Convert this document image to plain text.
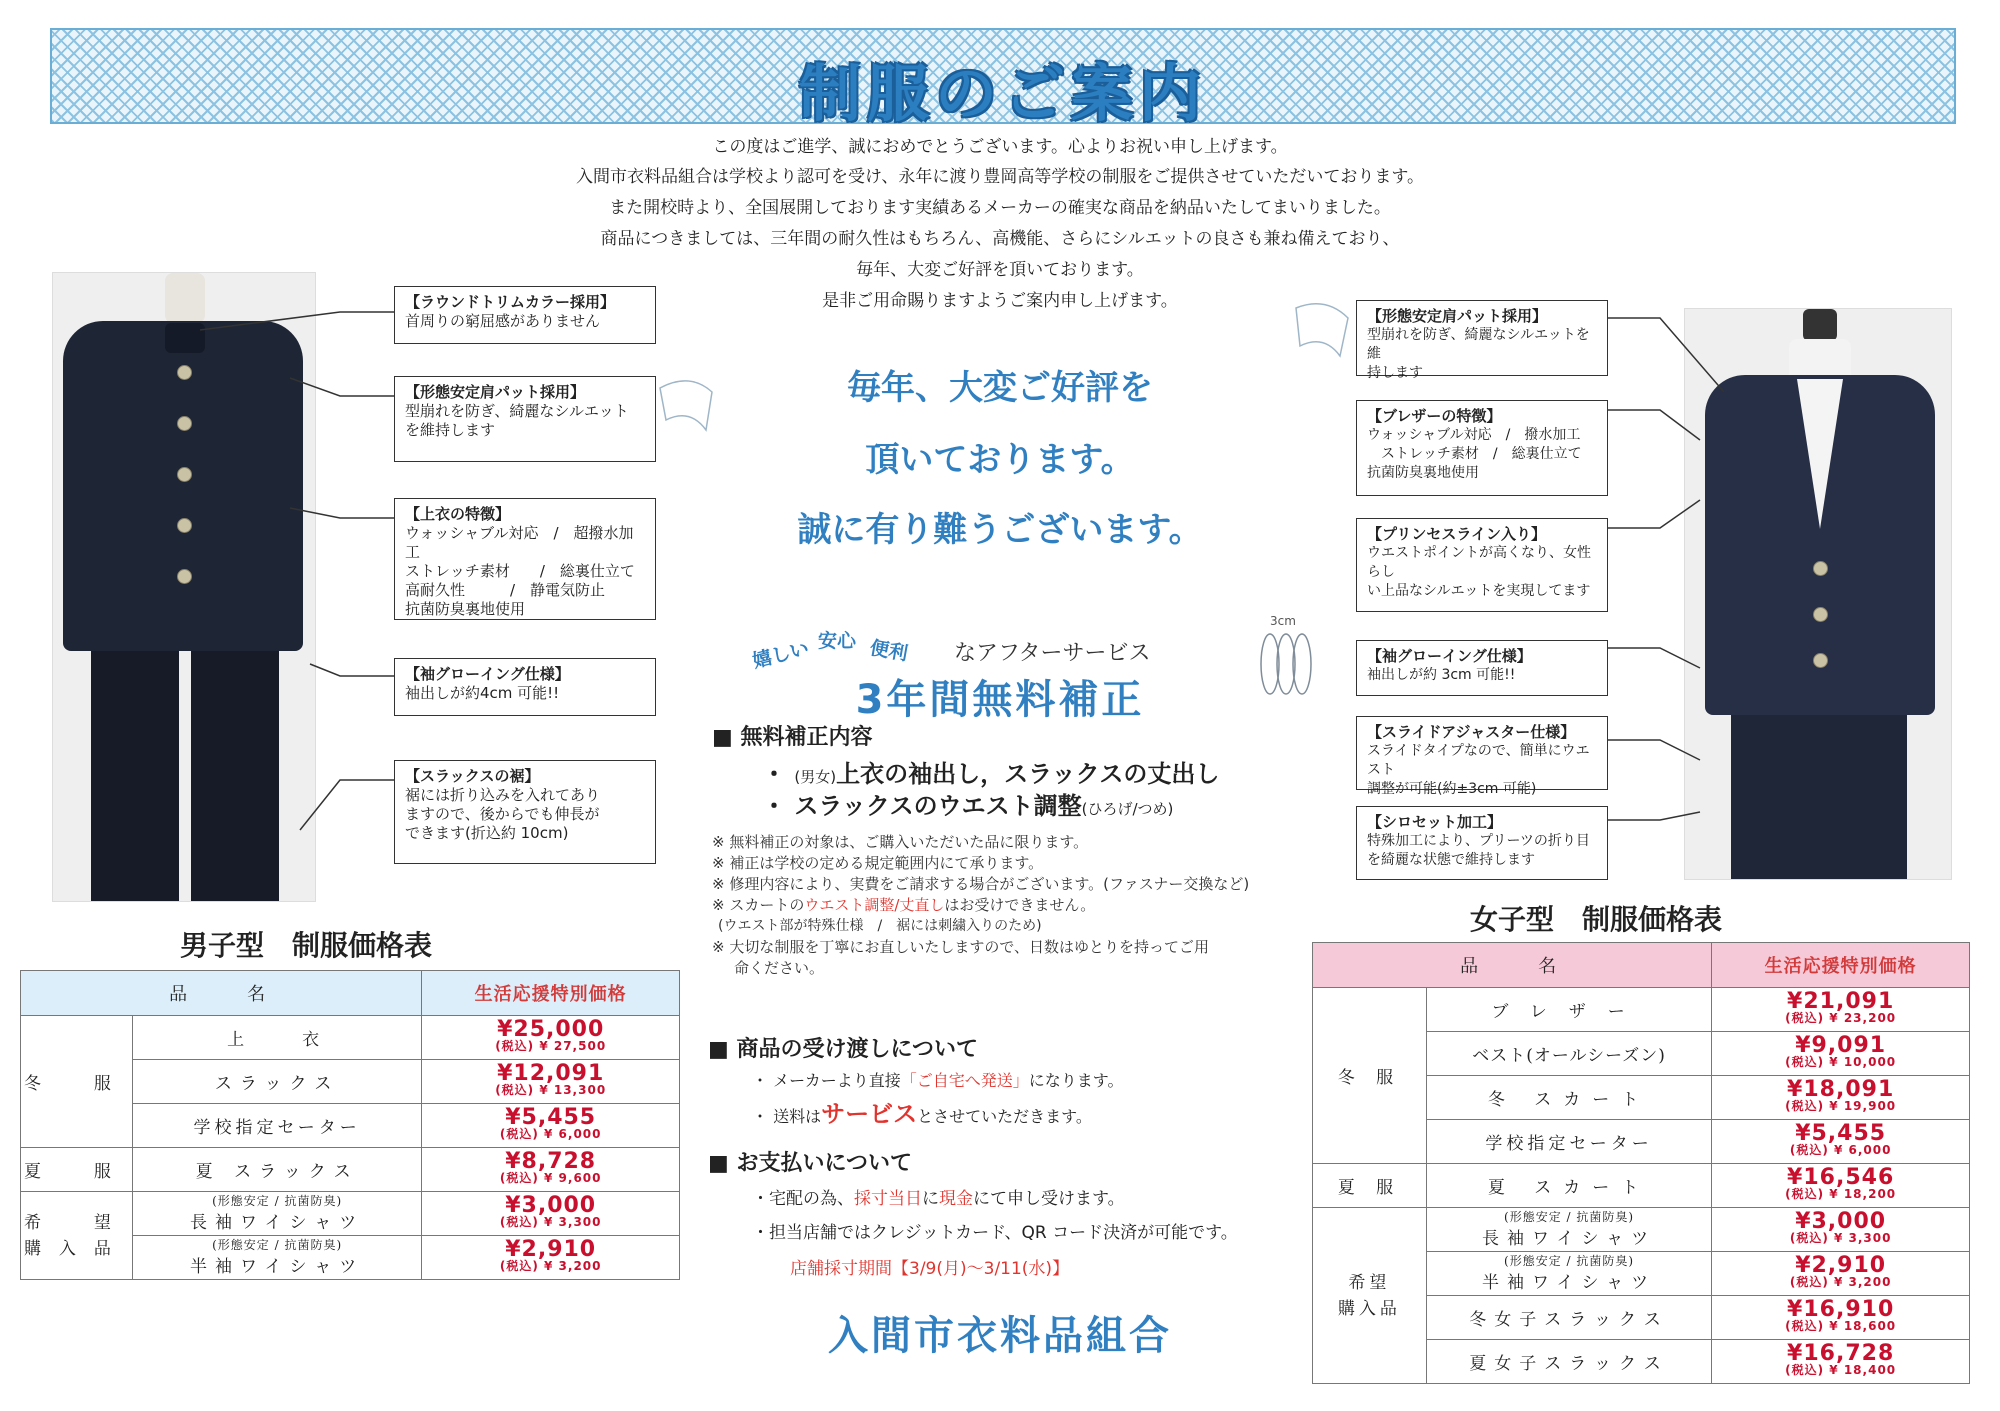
制服のご案内
この度はご進学、誠におめでとうございます。心よりお祝い申し上げます。
入間市衣料品組合は学校より認可を受け、永年に渡り豊岡高等学校の制服をご提供させていただいております。
また開校時より、全国展開しております実績あるメーカーの確実な商品を納品いたしてまいりました。
商品につきましては、三年間の耐久性はもちろん、高機能、さらにシルエットの良さも兼ね備えており、
毎年、大変ご好評を頂いております。
是非ご用命賜りますようご案内申し上げます。
【ラウンドトリムカラー採用】
首周りの窮屈感がありません
【形態安定肩パット採用】
型崩れを防ぎ、綺麗なシルエット
を維持します
【上衣の特徴】
ウォッシャブル対応　/　超撥水加工
ストレッチ素材　　/　総裏仕立て
高耐久性　　　/　静電気防止
抗菌防臭裏地使用
【袖グローイング仕様】
袖出しが約4cm 可能!!
【スラックスの裾】
裾には折り込みを入れてあり
ますので、後からでも伸長が
できます(折込約 10cm)
3cm
【形態安定肩パット採用】
型崩れを防ぎ、綺麗なシルエットを維
持します
【ブレザーの特徴】
ウォッシャブル対応　/　撥水加工
　ストレッチ素材　/　総裏仕立て
抗菌防臭裏地使用
【プリンセスライン入り】
ウエストポイントが高くなり、女性らし
い上品なシルエットを実現してます
【袖グローイング仕様】
袖出しが約 3cm 可能!!
【スライドアジャスター仕様】
スライドタイプなので、簡単にウエスト
調整が可能(約±3cm 可能)
【シロセット加工】
特殊加工により、プリーツの折り目
を綺麗な状態で維持します
毎年、大変ご好評を
頂いております。
誠に有り難うございます。
嬉しい 安心 便利 なアフターサービス
3年間無料補正
■ 無料補正内容
・ (男女)上衣の袖出し，スラックスの丈出し
・ スラックスのウエスト調整(ひろげ/つめ)
※ 無料補正の対象は、ご購入いただいた品に限ります。
※ 補正は学校の定める規定範囲内にて承ります。
※ 修理内容により、実費をご請求する場合がございます。(ファスナー交換など)
※ スカートのウエスト調整/丈直しはお受けできません。
(ウエスト部が特殊仕様　/　裾には刺繍入りのため)
※ 大切な制服を丁寧にお直しいたしますので、日数はゆとりを持ってご用
命ください。
■ 商品の受け渡しについて
・ メーカーより直接「ご自宅へ発送」になります。
・ 送料はサービスとさせていただきます。
■ お支払いについて
・宅配の為、採寸当日に現金にて申し受けます。
・担当店舗ではクレジットカード、QR コード決済が可能です。
店舗採寸期間【3/9(月)〜3/11(水)】
入間市衣料品組合
男子型　制服価格表
品　　名		生活応援特別価格
冬　服	上　　衣	¥25,000
(税込) ¥ 27,500

	スラックス	¥12,091
(税込) ¥ 13,300

	学校指定セーター	¥5,455
(税込) ¥ 6,000

夏　服	夏 スラックス	¥8,728
(税込) ¥ 9,600

希　望
購入品	(形態安定 / 抗菌防臭)
長袖ワイシャツ	¥3,000
(税込) ¥ 3,300

	(形態安定 / 抗菌防臭)
半袖ワイシャツ	¥2,910
(税込) ¥ 3,200
女子型　制服価格表
品　　名		生活応援特別価格
冬 服	ブレザー	¥21,091
(税込) ¥ 23,200

	ベスト(オールシーズン)	¥9,091
(税込) ¥ 10,000

	冬 スカート	¥18,091
(税込) ¥ 19,900

	学校指定セーター	¥5,455
(税込) ¥ 6,000

夏 服	夏 スカート	¥16,546
(税込) ¥ 18,200

希望
購入品	(形態安定 / 抗菌防臭)
長袖ワイシャツ	¥3,000
(税込) ¥ 3,300

	(形態安定 / 抗菌防臭)
半袖ワイシャツ	¥2,910
(税込) ¥ 3,200

	冬女子スラックス	¥16,910
(税込) ¥ 18,600

	夏女子スラックス	¥16,728
(税込) ¥ 18,400
